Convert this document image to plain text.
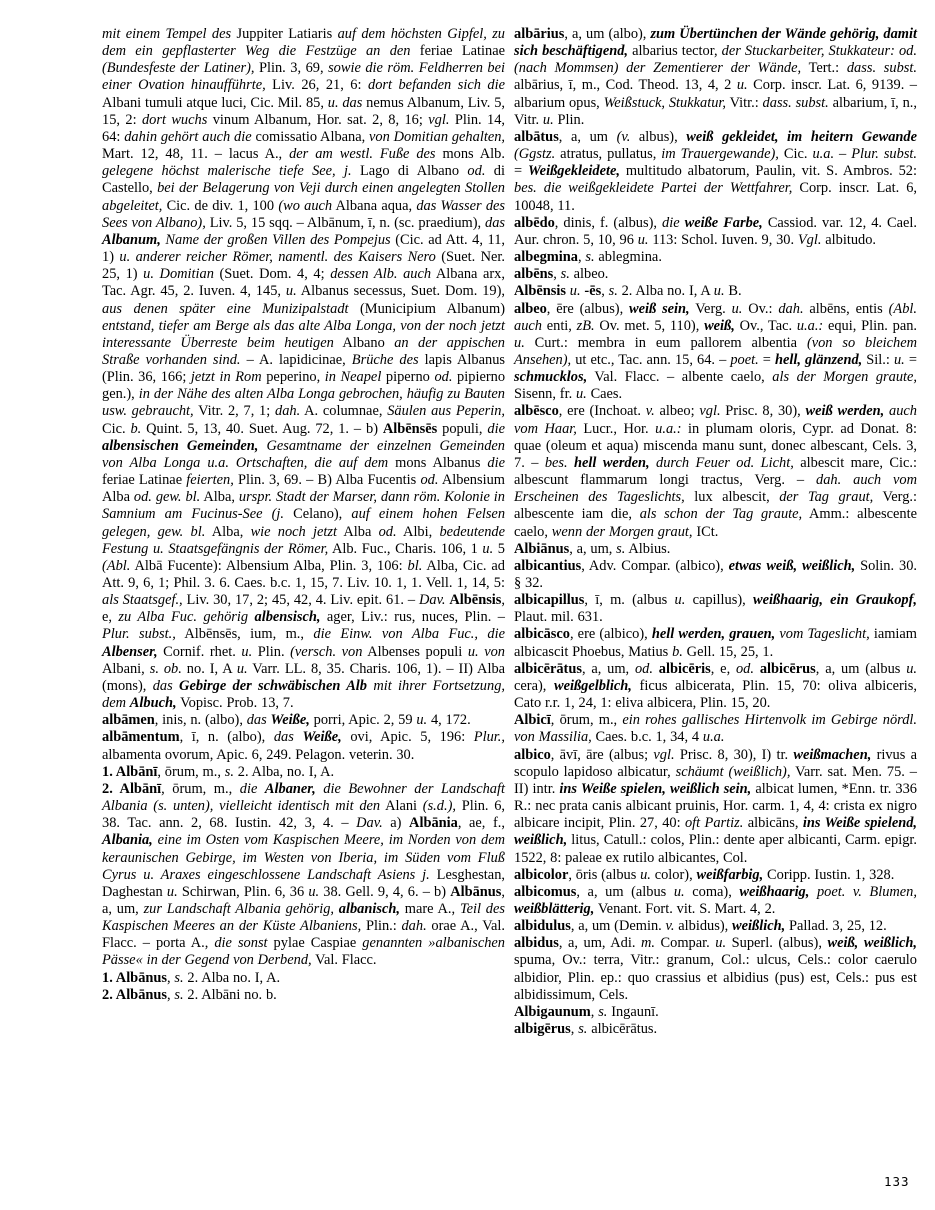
mit einem Tempel des Juppiter Latiaris auf dem höchsten Gipfel, zu dem ein gepflasterter Weg die Festzüge an den feriae Latinae (Bundesfeste der Latiner), Plin. 3, 69, sowie die röm. Feldherren bei einer Ovation hinaufführte, Liv. 26, 21, 6: dort befanden sich die Albani tumuli atque luci, Cic. Mil. 85, u. das nemus Albanum, Liv. 5, 15, 2: dort wuchs vinum Albanum, Hor. sat. 2, 8, 16; vgl. Plin. 14, 64: dahin gehört auch die comissatio Albana, von Domitian gehalten, Mart. 12, 48, 11. – lacus A., der am westl. Fuße des mons Alb. gelegene höchst malerische tiefe See, j. Lago di Albano od. di Castello, bei der Belagerung von Veji durch einen angelegten Stollen abgeleitet, Cic. de div. 1, 100 (wo auch Albana aqua, das Wasser des Sees von Albano), Liv. 5, 15 sqq. – Albānum, ī, n. (sc. praedium), das Albanum, Name der großen Villen des Pompejus (Cic. ad Att. 4, 11, 1) u. anderer reicher Römer, namentl. des Kaisers Nero (Suet. Ner. 25, 1) u. Domitian (Suet. Dom. 4, 4; dessen Alb. auch Albana arx, Tac. Agr. 45, 2. Iuven. 4, 145, u. Albanus secessus, Suet. Dom. 19), aus denen später eine Munizipalstadt (Municipium Albanum) entstand, tiefer am Berge als das alte Alba Longa, von der noch jetzt interessante Überreste beim heutigen Albano an der appischen Straße vorhanden sind. – A. lapidicinae, Brüche des lapis Albanus (Plin. 36, 166; jetzt in Rom peperino, in Neapel piperno od. pipierno gen.), in der Nähe des alten Alba Longa gebrochen, häufig zu Bauten usw. gebraucht, Vitr. 2, 7, 1; dah. A. columnae, Säulen aus Peperin, Cic. b. Quint. 5, 13, 40. Suet. Aug. 72, 1. – b) Albēnsēs populi, die albensischen Gemeinden, Gesamtname der einzelnen Gemeinden von Alba Longa u.a. Ortschaften, die auf dem mons Albanus die feriae Latinae feierten, Plin. 3, 69. – B) Alba Fucentis od. Albensium Alba od. gew. bl. Alba, urspr. Stadt der Marser, dann röm. Kolonie in Samnium am Fucinus-See (j. Celano), auf einem hohen Felsen gelegen, gew. bl. Alba, wie noch jetzt Alba od. Albi, bedeutende Festung u. Staatsgefängnis der Römer, Alb. Fuc., Charis. 106, 1 u. 5 (Abl. Albā Fucente): Albensium Alba, Plin. 3, 106: bl. Alba, Cic. ad Att. 9, 6, 1; Phil. 3. 6. Caes. b.c. 1, 15, 7. Liv. 10. 1, 1. Vell. 1, 14, 5: als Staatsgef., Liv. 30, 17, 2; 45, 42, 4. Liv. epit. 61. – Dav. Albēnsis, e, zu Alba Fuc. gehörig albensisch, ager, Liv.: rus, nuces, Plin. – Plur. subst., Albēnsēs, ium, m., die Einw. von Alba Fuc., die Albenser, Cornif. rhet. u. Plin. (versch. von Albenses populi u. von Albani, s. ob. no. I, A u. Varr. LL. 8, 35. Charis. 106, 1). – II) Alba (mons), das Gebirge der schwäbischen Alb mit ihrer Fortsetzung, dem Albuch, Vopisc. Prob. 13, 7.

albāmen, inis, n. (albo), das Weiße, porri, Apic. 2, 59 u. 4, 172.

albāmentum, ī, n. (albo), das Weiße, ovi, Apic. 5, 196: Plur., albamenta ovorum, Apic. 6, 249. Pelagon. veterin. 30.

1. Albānī, ōrum, m., s. 2. Alba, no. I, A.

2. Albānī, ōrum, m., die Albaner, die Bewohner der Landschaft Albania (s. unten), vielleicht identisch mit den Alani (s.d.), Plin. 6, 38. Tac. ann. 2, 68. Iustin. 42, 3, 4. – Dav. a) Albānia, ae, f., Albania, eine im Osten vom Kaspischen Meere, im Norden von dem keraunischen Gebirge, im Westen von Iberia, im Süden vom Fluß Cyrus u. Araxes eingeschlossene Landschaft Asiens j. Lesghestan, Daghestan u. Schirwan, Plin. 6, 36 u. 38. Gell. 9, 4, 6. – b) Albānus, a, um, zur Landschaft Albania gehörig, albanisch, mare A., Teil des Kaspischen Meeres an der Küste Albaniens, Plin.: dah. orae A., Val. Flacc. – porta A., die sonst pylae Caspiae genannten »albanischen Pässe« in der Gegend von Derbend, Val. Flacc.

1. Albānus, s. 2. Alba no. I, A.

2. Albānus, s. 2. Albāni no. b.

albārius, a, um (albo), zum Übertünchen der Wände gehörig, damit sich beschäftigend, albarius tector, der Stuckarbeiter, Stukkateur: od. (nach Mommsen) der Zementierer der Wände, Tert.: dass. subst. albārius, ī, m., Cod. Theod. 13, 4, 2 u. Corp. inscr. Lat. 6, 9139. – albarium opus, Weißstuck, Stukkatur, Vitr.: dass. subst. albarium, ī, n., Vitr. u. Plin.

albātus, a, um (v. albus), weiß gekleidet, im heitern Gewande (Ggstz. atratus, pullatus, im Trauergewande), Cic. u.a. – Plur. subst. = Weißgekleidete, multitudo albatorum, Paulin, vit. S. Ambros. 52: bes. die weißgekleidete Partei der Wettfahrer, Corp. inscr. Lat. 6, 10048, 11.

albēdo, dinis, f. (albus), die weiße Farbe, Cassiod. var. 12, 4. Cael. Aur. chron. 5, 10, 96 u. 113: Schol. Iuven. 9, 30. Vgl. albitudo.

albegmina, s. ablegmina.

albēns, s. albeo.

Albēnsis u. -ēs, s. 2. Alba no. I, A u. B.

albeo, ēre (albus), weiß sein, Verg. u. Ov.: dah. albēns, entis (Abl. auch enti, zB. Ov. met. 5, 110), weiß, Ov., Tac. u.a.: equi, Plin. pan. u. Curt.: membra in eum pallorem albentia (von so bleichem Ansehen), ut etc., Tac. ann. 15, 64. – poet. = hell, glänzend, Sil.: u. = schmucklos, Val. Flacc. – albente caelo, als der Morgen graute, Sisenn, fr. u. Caes.

albēsco, ere (Inchoat. v. albeo; vgl. Prisc. 8, 30), weiß werden, auch vom Haar, Lucr., Hor. u.a.: in plumam oloris, Cypr. ad Donat. 8: quae (oleum et aqua) miscenda manu sunt, donec albescant, Cels. 3, 7. – bes. hell werden, durch Feuer od. Licht, albescit mare, Cic.: albescunt flammarum longi tractus, Verg. – dah. auch vom Erscheinen des Tageslichts, lux albescit, der Tag graut, Verg.: albescente iam die, als schon der Tag graute, Amm.: albescente caelo, wenn der Morgen graut, ICt.

Albiānus, a, um, s. Albius.

albicantius, Adv. Compar. (albico), etwas weiß, weißlich, Solin. 30. § 32.

albicapillus, ī, m. (albus u. capillus), weißhaarig, ein Graukopf, Plaut. mil. 631.

albicāsco, ere (albico), hell werden, grauen, vom Tageslicht, iamiam albicascit Phoebus, Matius b. Gell. 15, 25, 1.

albicērātus, a, um, od. albicēris, e, od. albicērus, a, um (albus u. cera), weißgelblich, ficus albicerata, Plin. 15, 70: oliva albiceris, Cato r.r. 1, 24, 1: eliva albicera, Plin. 15, 20.

Albicī, ōrum, m., ein rohes gallisches Hirtenvolk im Gebirge nördl. von Massilia, Caes. b.c. 1, 34, 4 u.a.

albico, āvī, āre (albus; vgl. Prisc. 8, 30), I) tr. weißmachen, rivus a scopulo lapidoso albicatur, schäumt (weißlich), Varr. sat. Men. 75. – II) intr. ins Weiße spielen, weißlich sein, albicat lumen, *Enn. tr. 336 R.: nec prata canis albicant pruinis, Hor. carm. 1, 4, 4: crista ex nigro albicare incipit, Plin. 27, 40: oft Partiz. albicāns, ins Weiße spielend, weißlich, litus, Catull.: colos, Plin.: dente aper albicanti, Carm. epigr. 1522, 8: paleae ex rutilo albicantes, Col.

albicolor, ōris (albus u. color), weißfarbig, Coripp. Iustin. 1, 328.

albicomus, a, um (albus u. coma), weißhaarig, poet. v. Blumen, weißblätterig, Venant. Fort. vit. S. Mart. 4, 2.

albidulus, a, um (Demin. v. albidus), weißlich, Pallad. 3, 25, 12.

albidus, a, um, Adi. m. Compar. u. Superl. (albus), weiß, weißlich, spuma, Ov.: terra, Vitr.: granum, Col.: ulcus, Cels.: color caerulo albidior, Plin. ep.: quo crassius et albidius (pus) est, Cels.: pus est albidissimum, Cels.

Albigaunum, s. Ingaunī.

albigērus, s. albicērātus.

133
